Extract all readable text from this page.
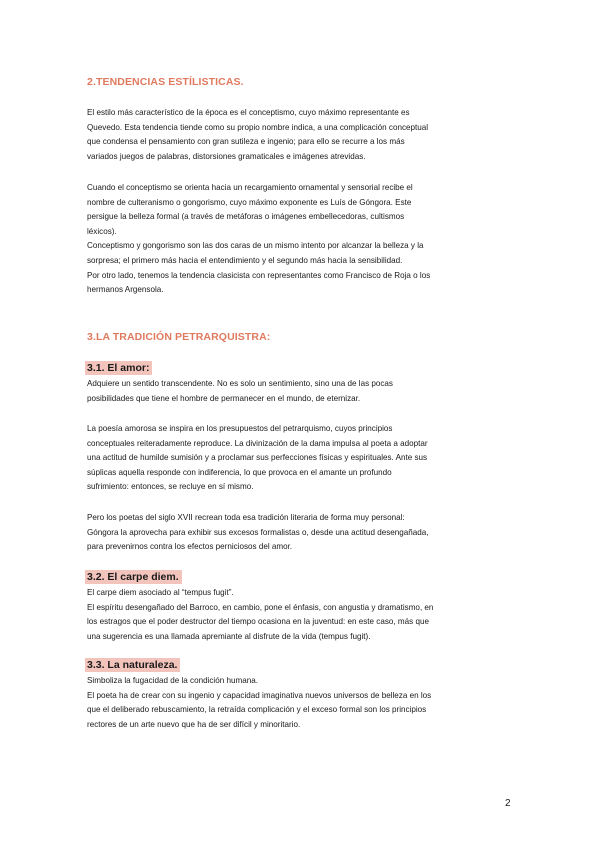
2.TENDENCIAS ESTÍLISTICAS.

El estilo más característico de la época es el conceptismo, cuyo máximo representante es
Quevedo. Esta tendencia tiende como su propio nombre indica, a una complicación conceptual
que condensa el pensamiento con gran sutileza e ingenio; para ello se recurre a los más
variados juegos de palabras, distorsiones gramaticales e imágenes atrevidas.

Cuando el conceptismo se orienta hacia un recargamiento ornamental y sensorial recibe el
nombre de culteranismo o gongorismo, cuyo máximo exponente es Luís de Góngora. Este
persigue la belleza formal (a través de metáforas o imágenes embellecedoras, cultismos
léxicos).
Conceptismo y gongorismo son las dos caras de un mismo intento por alcanzar la belleza y la
sorpresa; el primero más hacia el entendimiento y el segundo más hacia la sensibilidad.
Por otro lado, tenemos la tendencia clasicista con representantes como Francisco de Roja o los
hermanos Argensola.

3.LA TRADICIÓN PETRARQUISTRA:
3.1. El amor:

Adquiere un sentido transcendente. No es solo un sentimiento, sino una de las pocas
posibilidades que tiene el hombre de permanecer en el mundo, de eternizar.

La poesía amorosa se inspira en los presupuestos del petrarquismo, cuyos principios
conceptuales reiteradamente reproduce. La divinización de la dama impulsa al poeta a adoptar
una actitud de humilde sumisión y a proclamar sus perfecciones físicas y espirituales. Ante sus
súplicas aquella responde con indiferencia, lo que provoca en el amante un profundo
sufrimiento: entonces, se recluye en sí mismo.

Pero los poetas del siglo XVII recrean toda esa tradición literaria de forma muy personal:
Góngora la aprovecha para exhibir sus excesos formalistas o, desde una actitud desengañada,
para prevenirnos contra los efectos perniciosos del amor.

3.2. El carpe diem.

El carpe diem asociado al “tempus fugit”.
El espíritu desengañado del Barroco, en cambio, pone el énfasis, con angustia y dramatismo, en
los estragos que el poder destructor del tiempo ocasiona en la juventud: en este caso, más que
una sugerencia es una llamada apremiante al disfrute de la vida (tempus fugit).

3.3. La naturaleza.

Simboliza la fugacidad de la condición humana.
El poeta ha de crear con su ingenio y capacidad imaginativa nuevos universos de belleza en los
que el deliberado rebuscamiento, la retraída complicación y el exceso formal son los principios
rectores de un arte nuevo que ha de ser difícil y minoritario.

2
